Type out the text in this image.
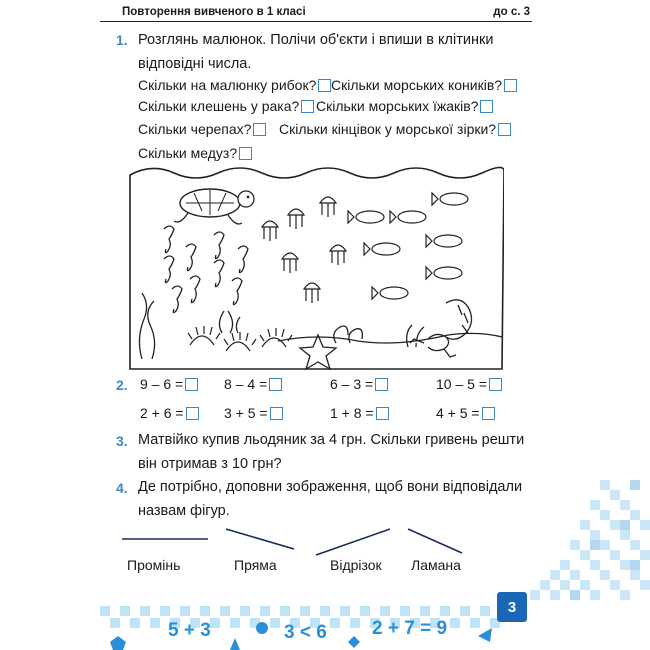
Повторення вивченого в 1 класі	до с. 3
1. Розглянь малюнок. Полічи об'єкти і впиши в клітинки
відповідні числа.
Скільки на малюнку рибок? Скільки морських коників?
Скільки клешень у рака? Скільки морських їжаків?
Скільки черепах? Скільки кінцівок у морської зірки?
Скільки медуз?
2. 9 – 6 =	8 – 4 =	6 – 3 =	10 – 5 =
2 + 6 =	3 + 5 =	1 + 8 =	4 + 5 =
3. Матвійко купив льодяник за 4 грн. Скільки гривень решти
він отримав з 10 грн?
4. Де потрібно, доповни зображення, щоб вони відповідали
назвам фігур.
Промінь	Пряма	Відрізок Ламана
5 + 3	3 < 6 2 + 7 = 9
3
